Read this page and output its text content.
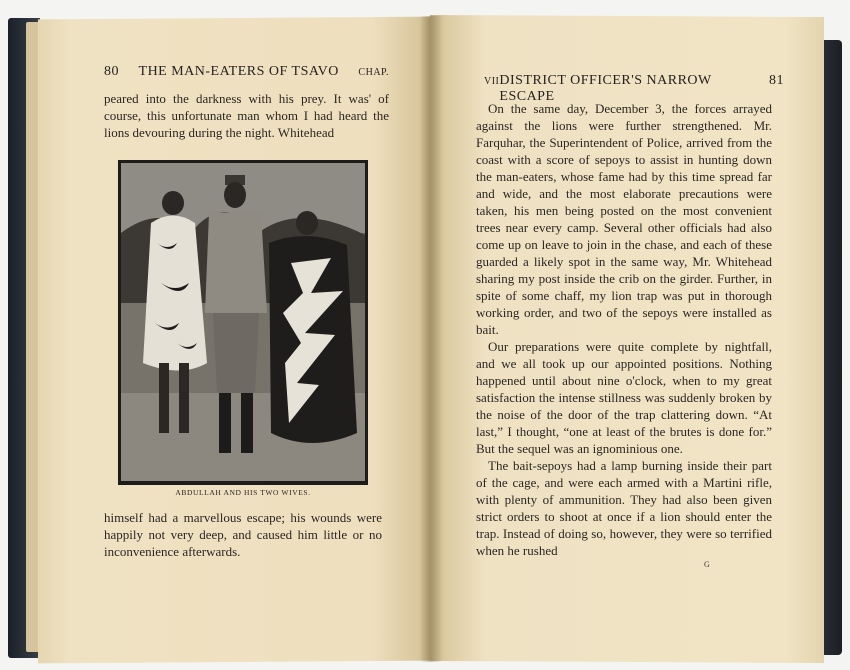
80 THE MAN-EATERS OF TSAVO CHAP.

peared into the darkness with his prey. It was' of course, this unfortunate man whom I had heard the lions devouring during the night. Whitehead

ABDULLAH AND HIS TWO WIVES.

himself had a marvellous escape; his wounds were happily not very deep, and caused him little or no inconvenience afterwards.

VII DISTRICT OFFICER'S NARROW ESCAPE
81

On the same day, December 3, the forces arrayed against the lions were further strengthened. Mr. Farquhar, the Superintendent of Police, arrived from the coast with a score of sepoys to assist in hunting down the man-eaters, whose fame had by this time spread far and wide, and the most elaborate precautions were taken, his men being posted on the most convenient trees near every camp. Several other officials had also come up on leave to join in the chase, and each of these guarded a likely spot in the same way, Mr. Whitehead sharing my post inside the crib on the girder. Further, in spite of some chaff, my lion trap was put in thorough working order, and two of the sepoys were installed as bait.

Our preparations were quite complete by nightfall, and we all took up our appointed positions. Nothing happened until about nine o'clock, when to my great satisfaction the intense stillness was suddenly broken by the noise of the door of the trap clattering down. “At last,” I thought, “one at least of the brutes is done for.” But the sequel was an ignominious one.

The bait-sepoys had a lamp burning inside their part of the cage, and were each armed with a Martini rifle, with plenty of ammunition. They had also been given strict orders to shoot at once if a lion should enter the trap. Instead of doing so, however, they were so terrified when he rushed

G
